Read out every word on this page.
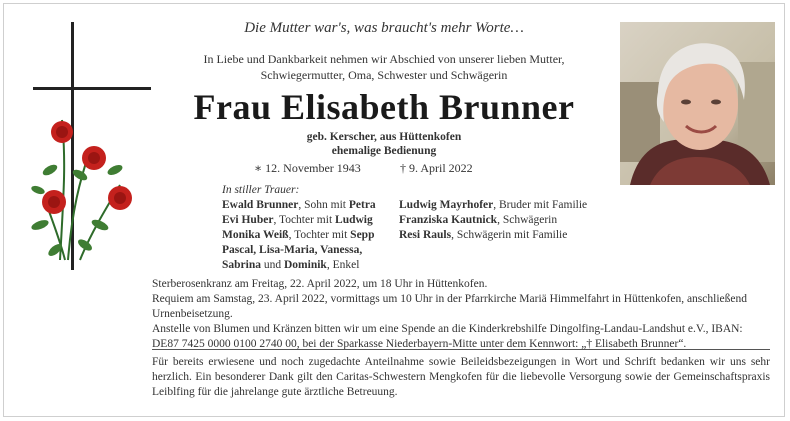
Die Mutter war's, was braucht's mehr Worte…
In Liebe und Dankbarkeit nehmen wir Abschied von unserer lieben Mutter,
Schwiegermutter, Oma, Schwester und Schwägerin
Frau Elisabeth Brunner
geb. Kerscher, aus Hüttenkofen
ehemalige Bedienung
∗ 12. November 1943	† 9. April 2022
In stiller Trauer:
Ewald Brunner, Sohn mit Petra
Evi Huber, Tochter mit Ludwig
Monika Weiß, Tochter mit Sepp
Pascal, Lisa-Maria, Vanessa,
Sabrina und Dominik, Enkel
Ludwig Mayrhofer, Bruder mit Familie
Franziska Kautnick, Schwägerin
Resi Rauls, Schwägerin mit Familie

Sterberosenkranz am Freitag, 22. April 2022, um 18 Uhr in Hüttenkofen.

Requiem am Samstag, 23. April 2022, vormittags um 10 Uhr in der Pfarrkirche Mariä Himmelfahrt in Hüttenkofen, anschließend Urnenbeisetzung.

Anstelle von Blumen und Kränzen bitten wir um eine Spende an die Kinderkrebshilfe Dingolfing-Landau-Landshut e.V., IBAN: DE87 7425 0000 0100 2740 00, bei der Sparkasse Niederbayern-Mitte unter dem Kennwort: „† Elisabeth Brunner“.

Für bereits erwiesene und noch zugedachte Anteilnahme sowie Beileidsbezeigungen in Wort und Schrift bedanken wir uns sehr herzlich. Ein besonderer Dank gilt den Caritas-Schwestern Mengkofen für die liebevolle Versorgung sowie der Gemeinschaftspraxis Leiblfing für die jahrelange gute ärztliche Betreuung.
